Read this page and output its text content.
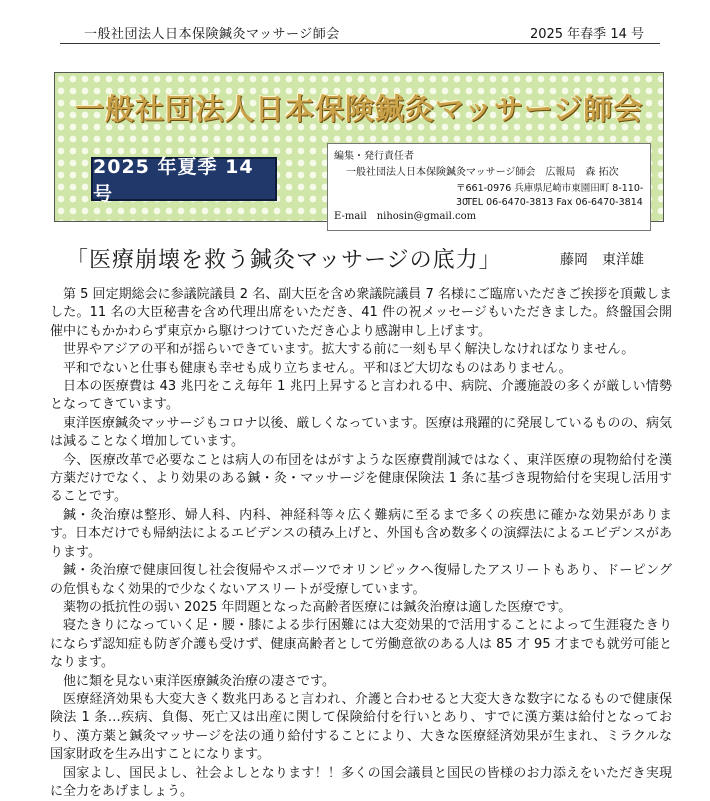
一般社団法人日本保険鍼灸マッサージ師会	2025 年春季 14 号
一般社団法人日本保険鍼灸マッサージ師会
2025 年夏季 14 号
編集・発行責任者
一般社団法人日本保険鍼灸マッサージ師会　広報局　森 拓次
〒661-0976 兵庫県尼崎市東園田町 8-110-30
TEL 06-6470-3813 Fax 06-6470-3814
E-mail　nihosin@gmail.com
「医療崩壊を救う鍼灸マッサージの底力」	藤岡　東洋雄

第 5 回定期総会に参議院議員 2 名、副大臣を含め衆議院議員 7 名様にご臨席いただきご挨拶を頂戴しました。11 名の大臣秘書を含め代理出席をいただき、41 件の祝メッセージもいただきました。終盤国会開催中にもかかわらず東京から駆けつけていただき心より感謝申し上げます。

世界やアジアの平和が揺らいできています。拡大する前に一刻も早く解決しなければなりません。

平和でないと仕事も健康も幸せも成り立ちません。平和ほど大切なものはありません。

日本の医療費は 43 兆円をこえ毎年 1 兆円上昇すると言われる中、病院、介護施設の多くが厳しい情勢となってきています。

東洋医療鍼灸マッサージもコロナ以後、厳しくなっています。医療は飛躍的に発展しているものの、病気は減ることなく増加しています。

今、医療改革で必要なことは病人の布団をはがすような医療費削減ではなく、東洋医療の現物給付を漢方薬だけでなく、より効果のある鍼・灸・マッサージを健康保険法 1 条に基づき現物給付を実現し活用することです。

鍼・灸治療は整形、婦人科、内科、神経科等々広く難病に至るまで多くの疾患に確かな効果があります。日本だけでも帰納法によるエビデンスの積み上げと、外国も含め数多くの演繹法によるエビデンスがあります。

鍼・灸治療で健康回復し社会復帰やスポーツでオリンピックへ復帰したアスリートもあり、ドーピングの危惧もなく効果的で少なくないアスリートが受療しています。

薬物の抵抗性の弱い 2025 年問題となった高齢者医療には鍼灸治療は適した医療です。

寝たきりになっていく足・腰・膝による歩行困難には大変効果的で活用することによって生涯寝たきりにならず認知症も防ぎ介護も受けず、健康高齢者として労働意欲のある人は 85 才 95 才までも就労可能となります。

他に類を見ない東洋医療鍼灸治療の凄さです。

医療経済効果も大変大きく数兆円あると言われ、介護と合わせると大変大きな数字になるもので健康保険法 1 条…疾病、負傷、死亡又は出産に関して保険給付を行いとあり、すでに漢方薬は給付となっており、漢方薬と鍼灸マッサージを法の通り給付することにより、大きな医療経済効果が生まれ、ミラクルな国家財政を生み出すことになります。

国家よし、国民よし、社会よしとなります！！多くの国会議員と国民の皆様のお力添えをいただき実現に全力をあげましょう。
